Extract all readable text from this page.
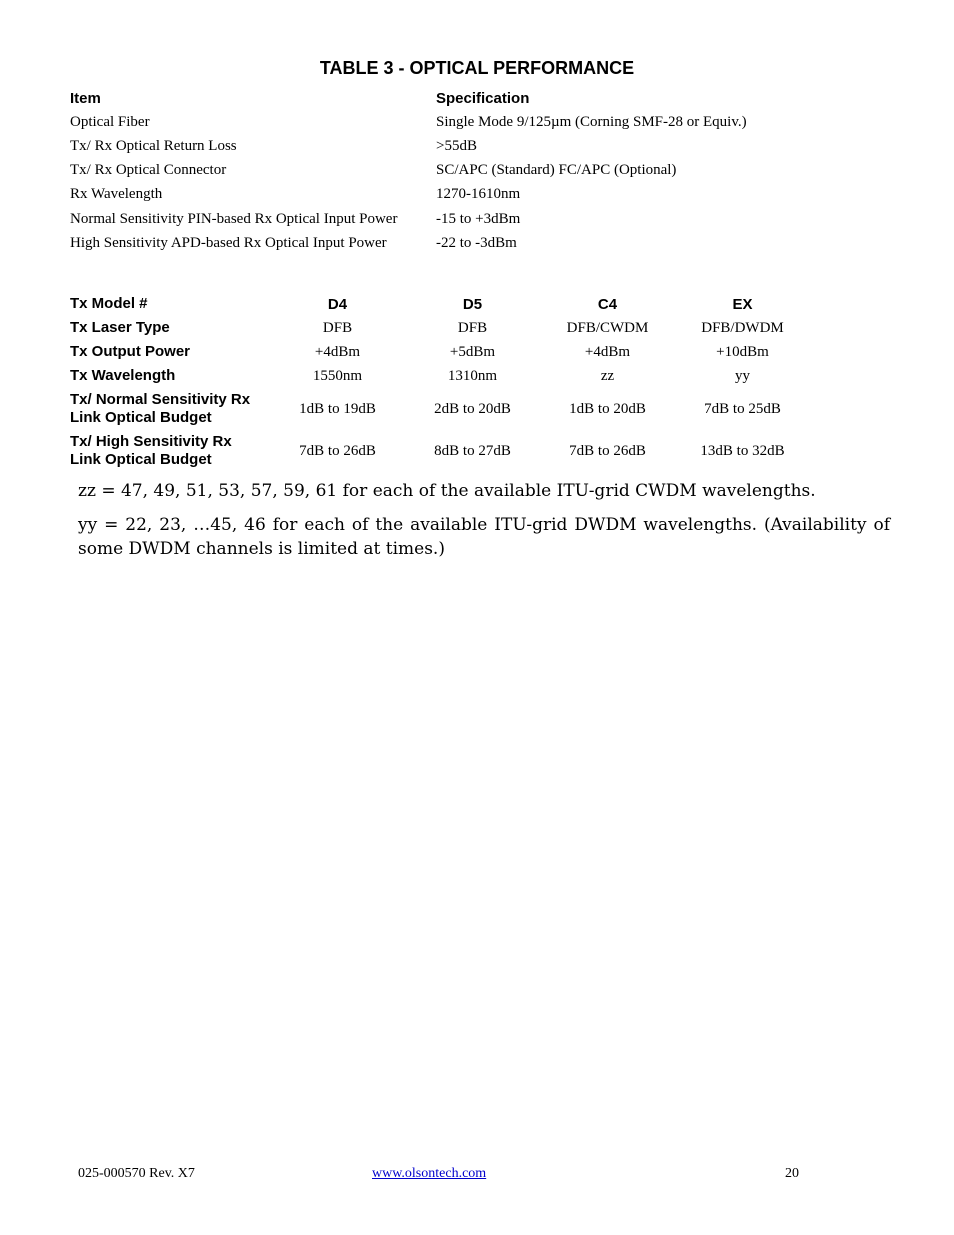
TABLE 3 - OPTICAL PERFORMANCE
Item	Specification
Optical Fiber	Single Mode 9/125µm (Corning SMF-28 or Equiv.)
Tx/ Rx Optical Return Loss	>55dB
Tx/ Rx Optical Connector	SC/APC (Standard) FC/APC (Optional)
Rx Wavelength	1270-1610nm
Normal Sensitivity PIN-based Rx Optical Input Power	-15 to +3dBm
High Sensitivity APD-based Rx Optical Input Power	-22 to -3dBm
Tx Model #	D4	D5	C4	EX
Tx Laser Type	DFB	DFB	DFB/CWDM	DFB/DWDM
Tx Output Power	+4dBm	+5dBm	+4dBm	+10dBm
Tx Wavelength	1550nm	1310nm	zz	yy
Tx/ Normal Sensitivity Rx
Link Optical Budget	1dB to 19dB	2dB to 20dB	1dB to 20dB	7dB to 25dB
Tx/ High Sensitivity Rx
Link Optical Budget	7dB to 26dB	8dB to 27dB	7dB to 26dB	13dB to 32dB
zz = 47, 49, 51, 53, 57, 59, 61 for each of the available ITU-grid CWDM wavelengths.
yy = 22, 23, …45, 46 for each of the available ITU-grid DWDM wavelengths. (Availability of some DWDM channels is limited at times.)
025-000570 Rev. X7	www.olsontech.com	20
